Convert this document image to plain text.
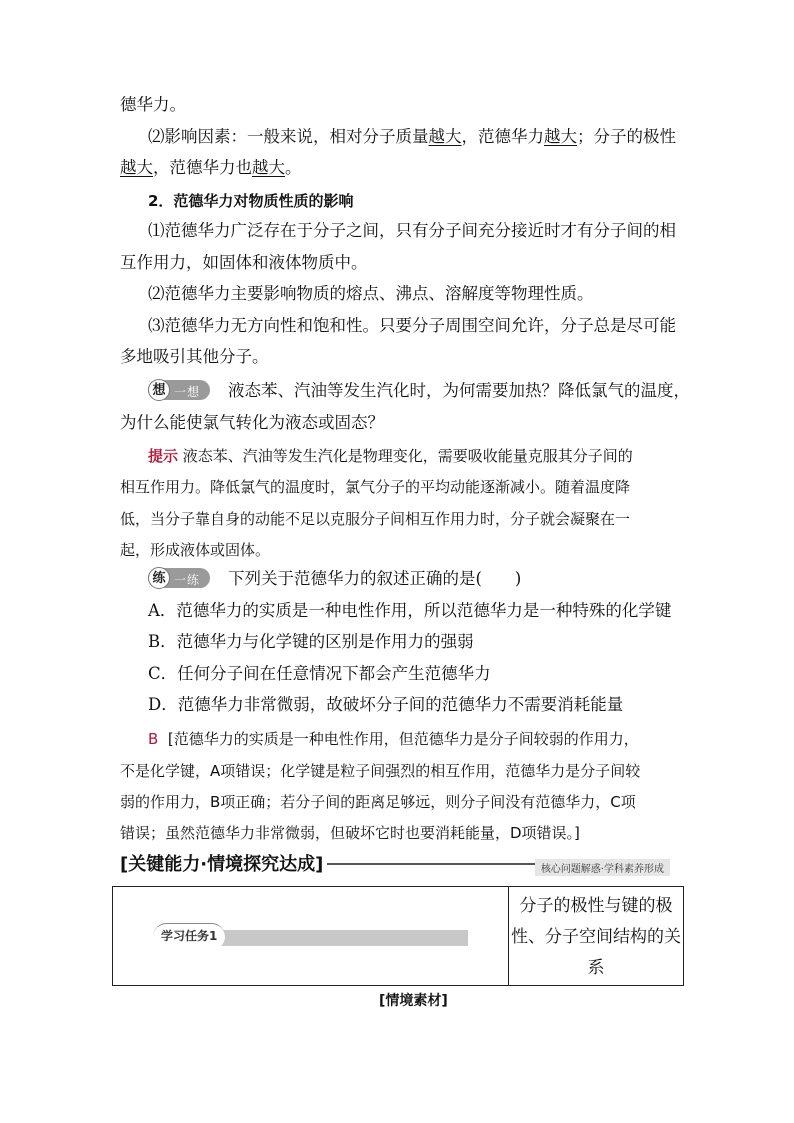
德华力。
⑵影响因素：一般来说，相对分子质量越大，范德华力越大；分子的极性
越大，范德华力也越大。
2．范德华力对物质性质的影响
⑴范德华力广泛存在于分子之间，只有分子间充分接近时才有分子间的相
互作用力，如固体和液体物质中。
⑵范德华力主要影响物质的熔点、沸点、溶解度等物理性质。
⑶范德华力无方向性和饱和性。只要分子周围空间允许，分子总是尽可能
多地吸引其他分子。
想 一想 液态苯、汽油等发生汽化时，为何需要加热？降低氯气的温度，
为什么能使氯气转化为液态或固态？
提示 液态苯、汽油等发生汽化是物理变化，需要吸收能量克服其分子间的
相互作用力。降低氯气的温度时，氯气分子的平均动能逐渐减小。随着温度降
低，当分子靠自身的动能不足以克服分子间相互作用力时，分子就会凝聚在一
起，形成液体或固体。
练 一练 下列关于范德华力的叙述正确的是(　　)
A．范德华力的实质是一种电性作用，所以范德华力是一种特殊的化学键
B．范德华力与化学键的区别是作用力的强弱
C．任何分子间在任意情况下都会产生范德华力
D．范德华力非常微弱，故破坏分子间的范德华力不需要消耗能量
B [范德华力的实质是一种电性作用，但范德华力是分子间较弱的作用力，
不是化学键，A项错误；化学键是粒子间强烈的相互作用，范德华力是分子间较
弱的作用力，B项正确；若分子间的距离足够远，则分子间没有范德华力，C项
错误；虽然范德华力非常微弱，但破坏它时也要消耗能量，D项错误。]
[关键能力·情境探究达成]	核心问题解惑·学科素养形成
学习任务1
分子的极性与键的极
性、分子空间结构的关
系
[情境素材]
